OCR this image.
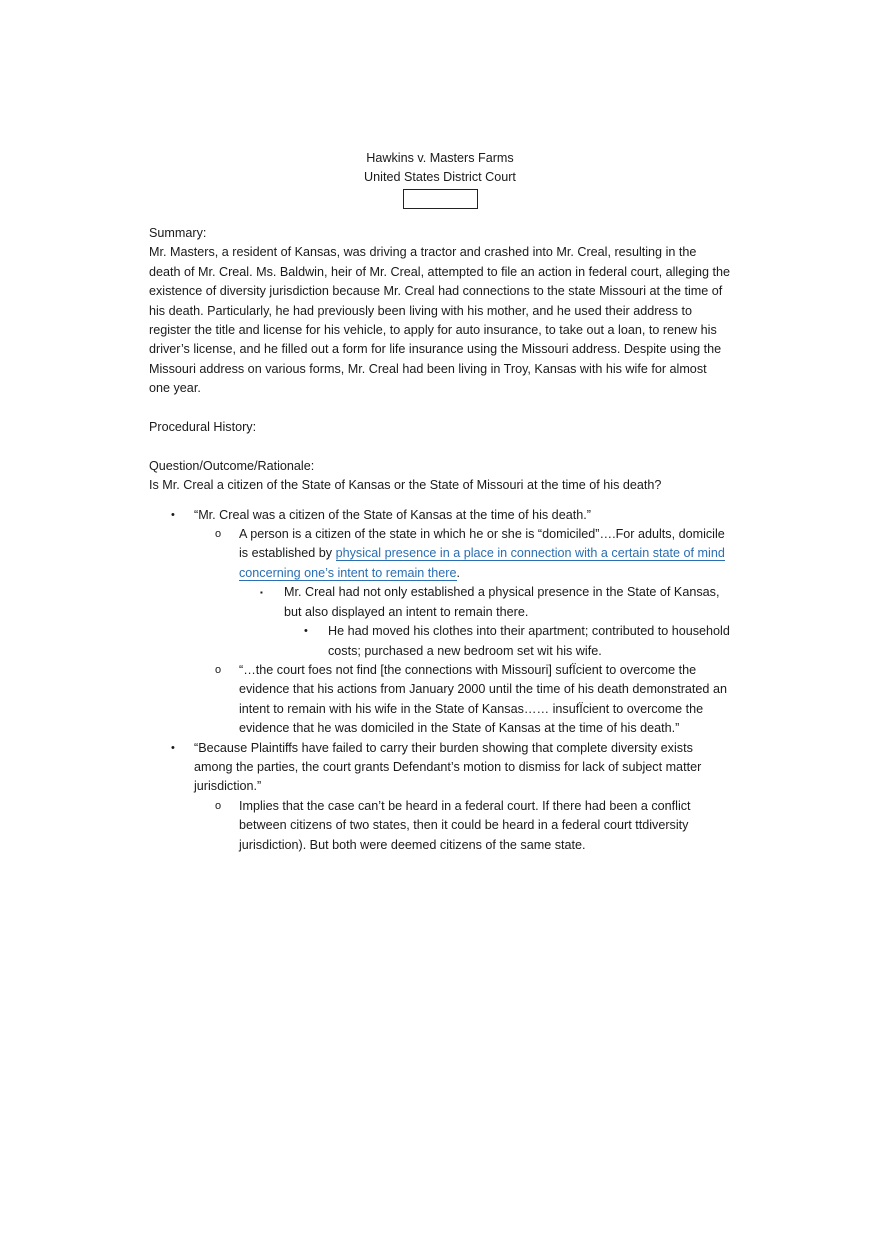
Hawkins v. Masters Farms
United States District Court

Summary:

Mr. Masters, a resident of Kansas, was driving a tractor and crashed into Mr. Creal, resulting in the death of Mr. Creal. Ms. Baldwin, heir of Mr. Creal, attempted to file an action in federal court, alleging the existence of diversity jurisdiction because Mr. Creal had connections to the state Missouri at the time of his death. Particularly, he had previously been living with his mother, and he used their address to register the title and license for his vehicle, to apply for auto insurance, to take out a loan, to renew his driver’s license, and he filled out a form for life insurance using the Missouri address. Despite using the Missouri address on various forms, Mr. Creal had been living in Troy, Kansas with his wife for almost one year.

Procedural History:

Question/Outcome/Rationale:

Is Mr. Creal a citizen of the State of Kansas or the State of Missouri at the time of his death?

• “Mr. Creal was a citizen of the State of Kansas at the time of his death.”
o A person is a citizen of the state in which he or she is “domiciled”….For adults, domicile is established by physical presence in a place in connection with a certain state of mind concerning one’s intent to remain there.
▪ Mr. Creal had not only established a physical presence in the State of Kansas, but also displayed an intent to remain there.
• He had moved his clothes into their apartment; contributed to household costs; purchased a new bedroom set wit his wife.
o “…the court foes not find [the connections with Missouri] sufÏcient to overcome the evidence that his actions from January 2000 until the time of his death demonstrated an intent to remain with his wife in the State of Kansas…… insufÏcient to overcome the evidence that he was domiciled in the State of Kansas at the time of his death.”
• “Because Plaintiffs have failed to carry their burden showing that complete diversity exists among the parties, the court grants Defendant’s motion to dismiss for lack of subject matter jurisdiction.”
o Implies that the case can’t be heard in a federal court. If there had been a conflict between citizens of two states, then it could be heard in a federal court ttdiversity jurisdiction). But both were deemed citizens of the same state.
